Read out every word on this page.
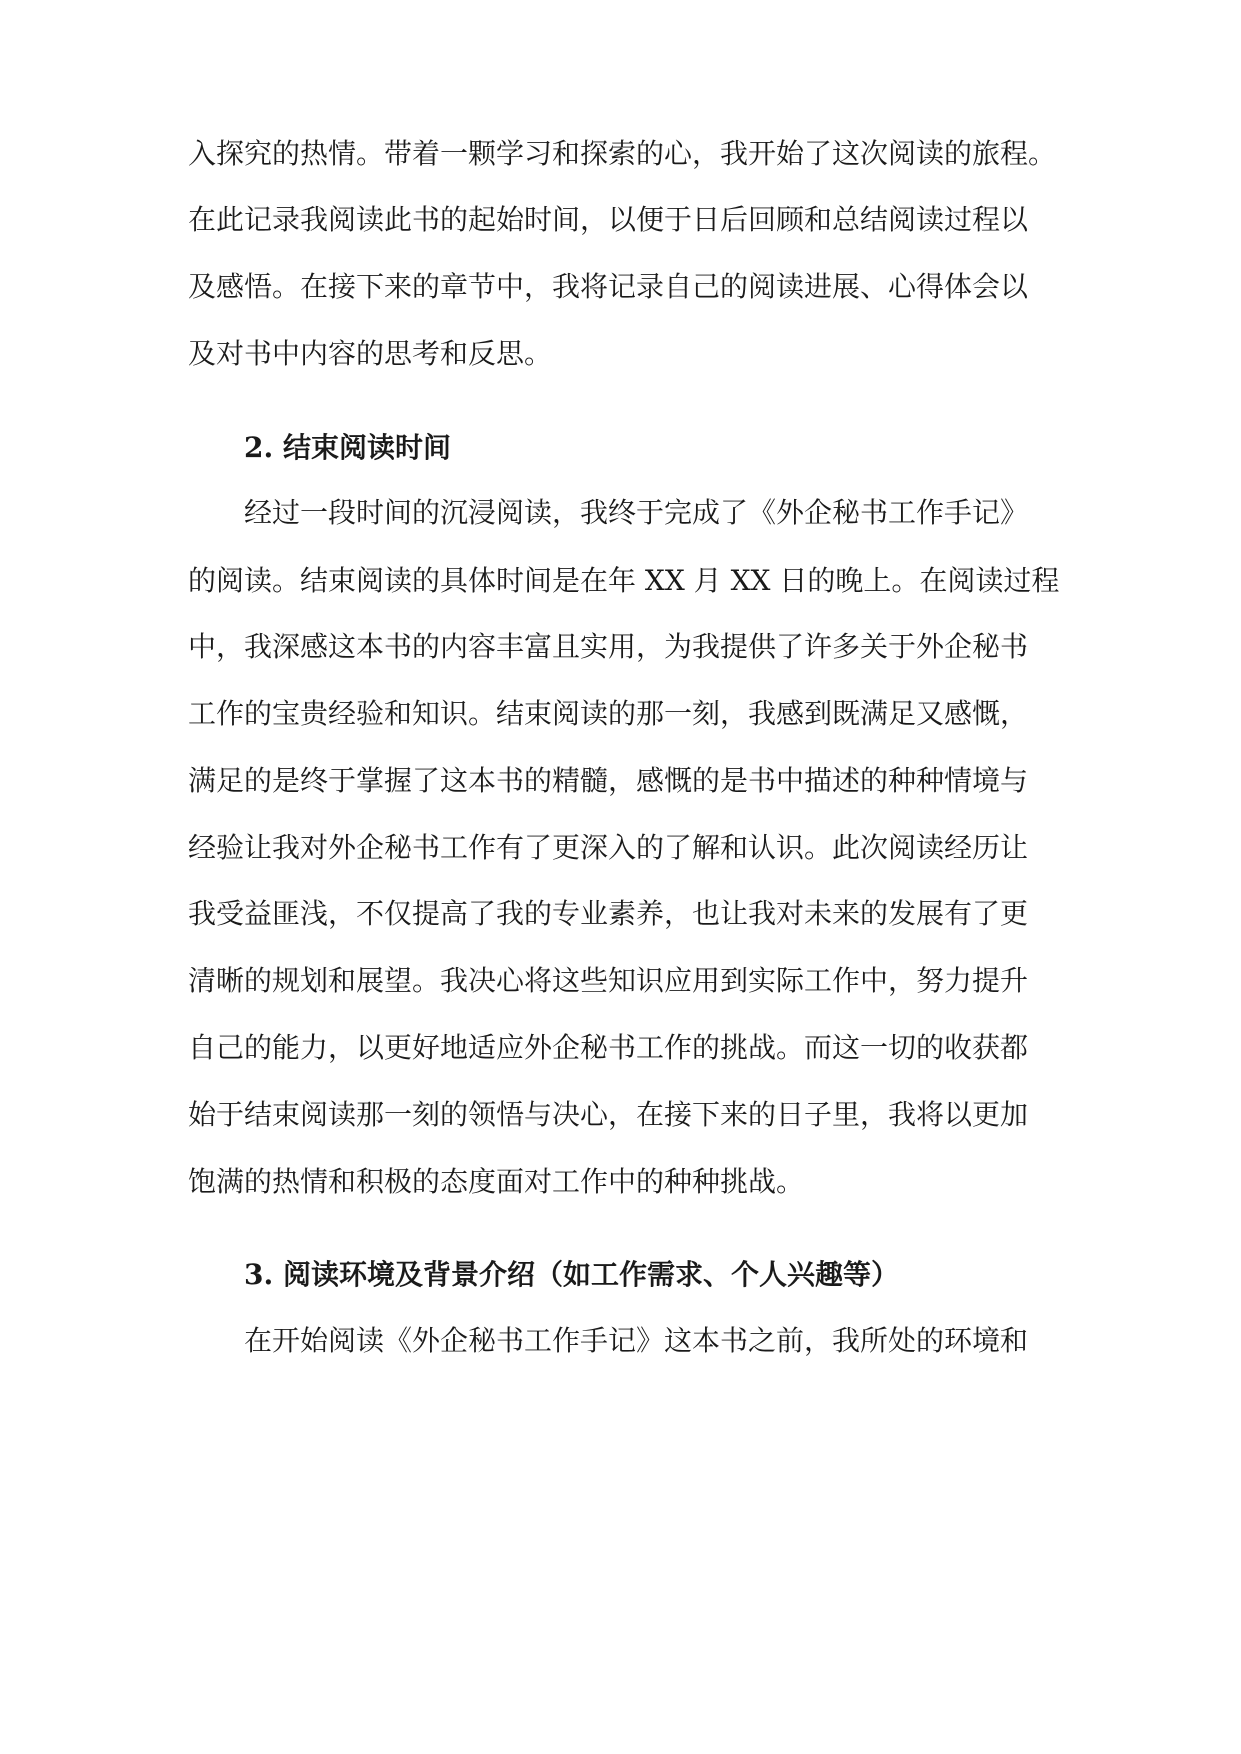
入探究的热情。带着一颗学习和探索的心，我开始了这次阅读的旅程。
在此记录我阅读此书的起始时间，以便于日后回顾和总结阅读过程以
及感悟。在接下来的章节中，我将记录自己的阅读进展、心得体会以
及对书中内容的思考和反思。
2. 结束阅读时间
经过一段时间的沉浸阅读，我终于完成了《外企秘书工作手记》
的阅读。结束阅读的具体时间是在年 XX 月 XX 日的晚上。在阅读过程
中，我深感这本书的内容丰富且实用，为我提供了许多关于外企秘书
工作的宝贵经验和知识。结束阅读的那一刻，我感到既满足又感慨，
满足的是终于掌握了这本书的精髓，感慨的是书中描述的种种情境与
经验让我对外企秘书工作有了更深入的了解和认识。此次阅读经历让
我受益匪浅，不仅提高了我的专业素养，也让我对未来的发展有了更
清晰的规划和展望。我决心将这些知识应用到实际工作中，努力提升
自己的能力，以更好地适应外企秘书工作的挑战。而这一切的收获都
始于结束阅读那一刻的领悟与决心，在接下来的日子里，我将以更加
饱满的热情和积极的态度面对工作中的种种挑战。
3. 阅读环境及背景介绍（如工作需求、个人兴趣等）
在开始阅读《外企秘书工作手记》这本书之前，我所处的环境和
